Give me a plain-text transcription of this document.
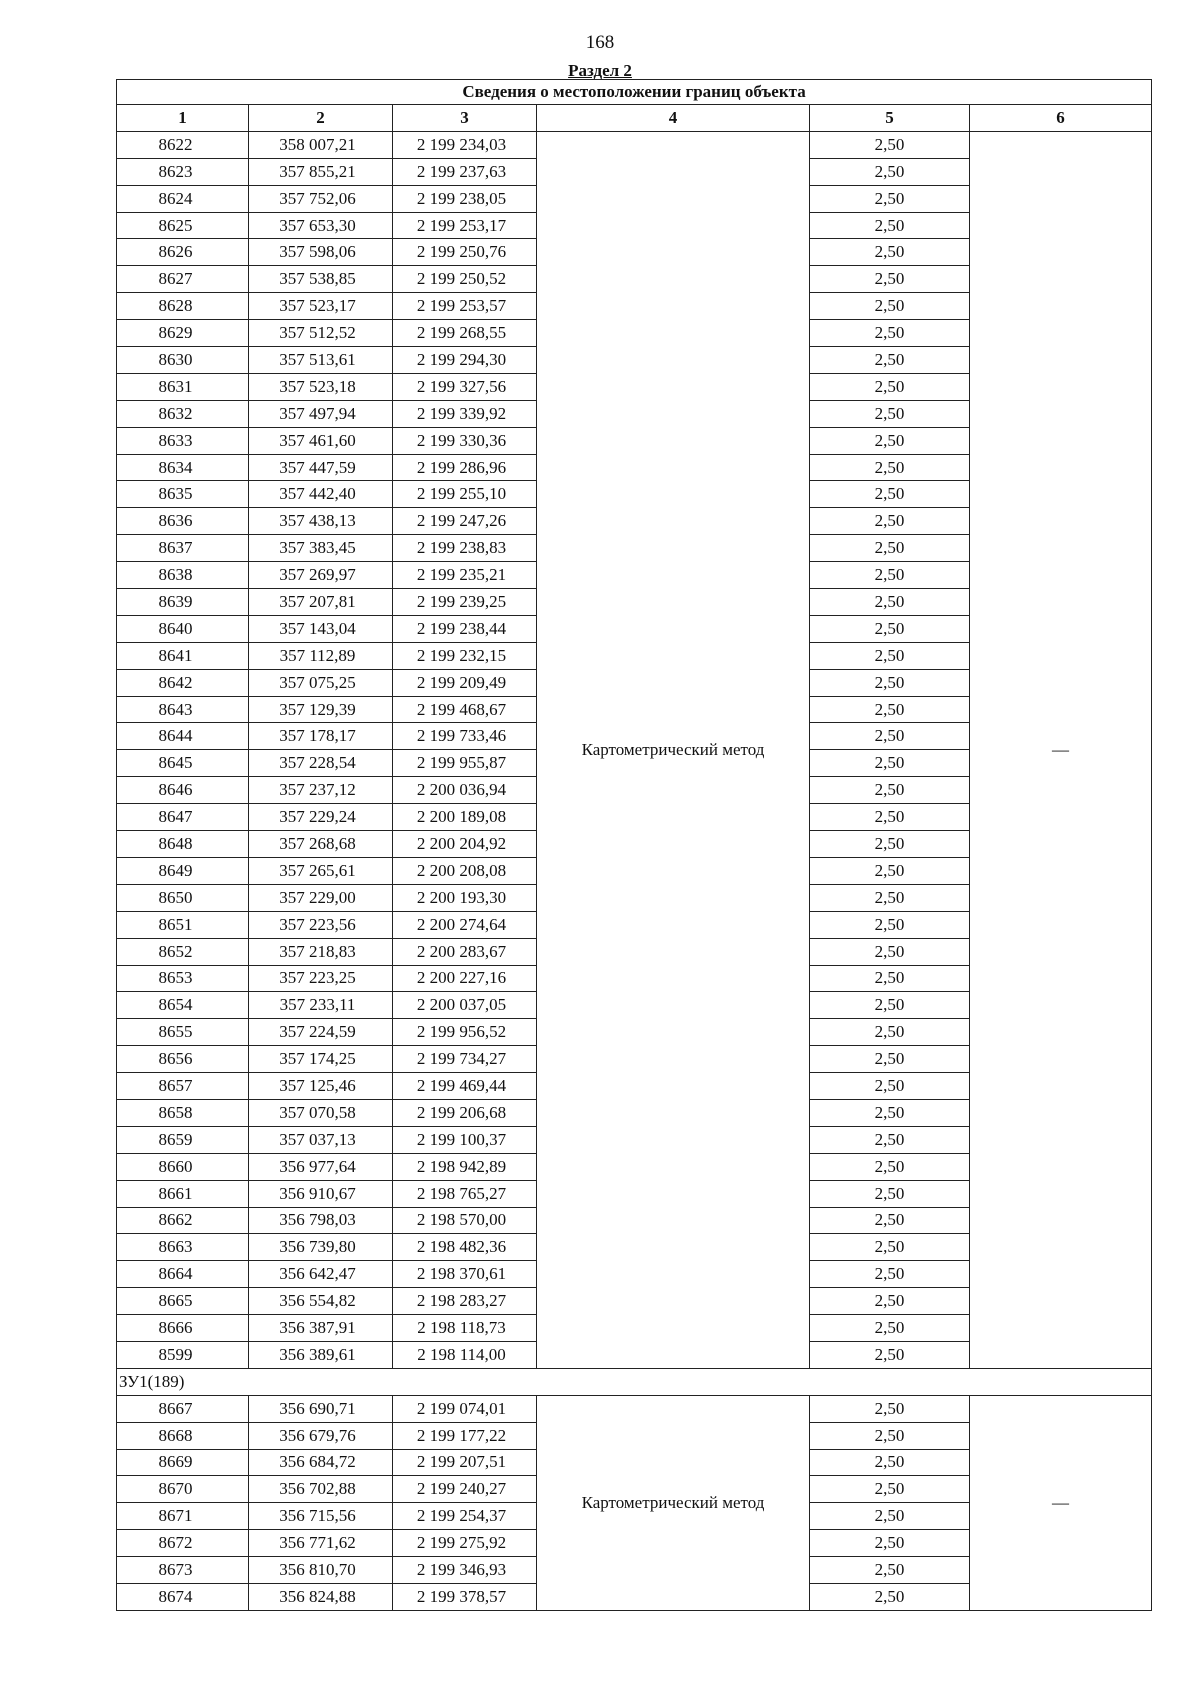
168
Раздел 2
Сведения о местоположении границ объекта					
1	2	3	4	5	6
8622	358 007,21	2 199 234,03	Картометрический метод	2,50	—
8623	357 855,21	2 199 237,63		2,50	
8624	357 752,06	2 199 238,05		2,50	
8625	357 653,30	2 199 253,17		2,50	
8626	357 598,06	2 199 250,76		2,50	
8627	357 538,85	2 199 250,52		2,50	
8628	357 523,17	2 199 253,57		2,50	
8629	357 512,52	2 199 268,55		2,50	
8630	357 513,61	2 199 294,30		2,50	
8631	357 523,18	2 199 327,56		2,50	
8632	357 497,94	2 199 339,92		2,50	
8633	357 461,60	2 199 330,36		2,50	
8634	357 447,59	2 199 286,96		2,50	
8635	357 442,40	2 199 255,10		2,50	
8636	357 438,13	2 199 247,26		2,50	
8637	357 383,45	2 199 238,83		2,50	
8638	357 269,97	2 199 235,21		2,50	
8639	357 207,81	2 199 239,25		2,50	
8640	357 143,04	2 199 238,44		2,50	
8641	357 112,89	2 199 232,15		2,50	
8642	357 075,25	2 199 209,49		2,50	
8643	357 129,39	2 199 468,67		2,50	
8644	357 178,17	2 199 733,46		2,50	
8645	357 228,54	2 199 955,87		2,50	
8646	357 237,12	2 200 036,94		2,50	
8647	357 229,24	2 200 189,08		2,50	
8648	357 268,68	2 200 204,92		2,50	
8649	357 265,61	2 200 208,08		2,50	
8650	357 229,00	2 200 193,30		2,50	
8651	357 223,56	2 200 274,64		2,50	
8652	357 218,83	2 200 283,67		2,50	
8653	357 223,25	2 200 227,16		2,50	
8654	357 233,11	2 200 037,05		2,50	
8655	357 224,59	2 199 956,52		2,50	
8656	357 174,25	2 199 734,27		2,50	
8657	357 125,46	2 199 469,44		2,50	
8658	357 070,58	2 199 206,68		2,50	
8659	357 037,13	2 199 100,37		2,50	
8660	356 977,64	2 198 942,89		2,50	
8661	356 910,67	2 198 765,27		2,50	
8662	356 798,03	2 198 570,00		2,50	
8663	356 739,80	2 198 482,36		2,50	
8664	356 642,47	2 198 370,61		2,50	
8665	356 554,82	2 198 283,27		2,50	
8666	356 387,91	2 198 118,73		2,50	
8599	356 389,61	2 198 114,00		2,50	
ЗУ1(189)					
8667	356 690,71	2 199 074,01	Картометрический метод	2,50	—
8668	356 679,76	2 199 177,22		2,50	
8669	356 684,72	2 199 207,51		2,50	
8670	356 702,88	2 199 240,27		2,50	
8671	356 715,56	2 199 254,37		2,50	
8672	356 771,62	2 199 275,92		2,50	
8673	356 810,70	2 199 346,93		2,50	
8674	356 824,88	2 199 378,57		2,50	
